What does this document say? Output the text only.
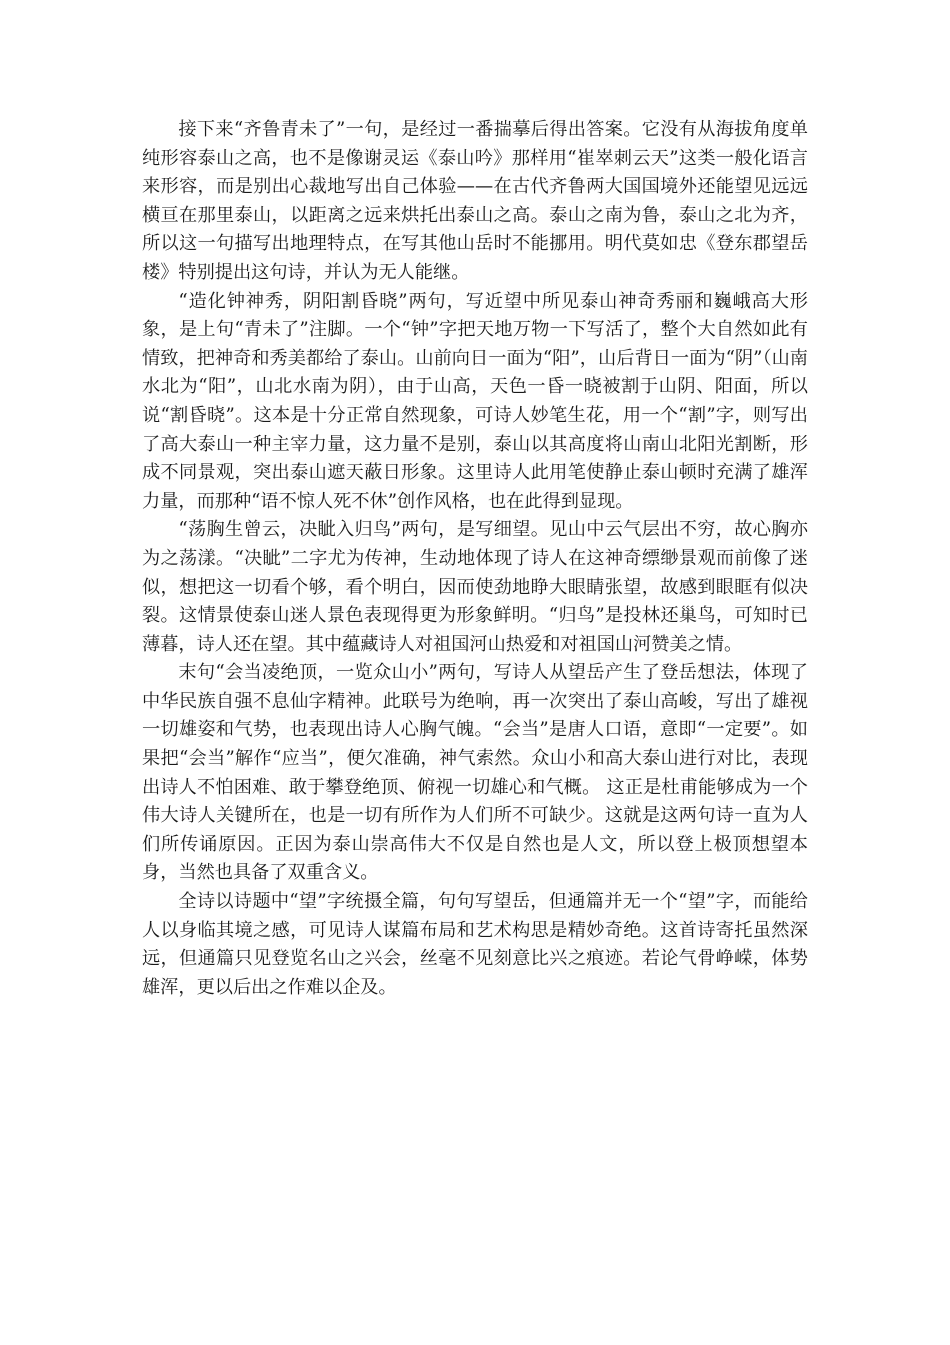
接下来“齐鲁青未了”一句，是经过一番揣摹后得出答案。它没有从海拔角度单纯形容泰山之高，也不是像谢灵运《泰山吟》那样用“崔崒刺云天”这类一般化语言来形容，而是别出心裁地写出自己体验——在古代齐鲁两大国国境外还能望见远远横亘在那里泰山，以距离之远来烘托出泰山之高。泰山之南为鲁，泰山之北为齐，所以这一句描写出地理特点，在写其他山岳时不能挪用。明代莫如忠《登东郡望岳楼》特别提出这句诗，并认为无人能继。

“造化钟神秀，阴阳割昏晓”两句，写近望中所见泰山神奇秀丽和巍峨高大形象，是上句“青未了”注脚。一个“钟”字把天地万物一下写活了，整个大自然如此有情致，把神奇和秀美都给了泰山。山前向日一面为“阳”，山后背日一面为“阴”（山南水北为“阳”，山北水南为阴），由于山高，天色一昏一晓被割于山阴、阳面，所以说“割昏晓”。这本是十分正常自然现象，可诗人妙笔生花，用一个“割”字，则写出了高大泰山一种主宰力量，这力量不是别，泰山以其高度将山南山北阳光割断，形成不同景观，突出泰山遮天蔽日形象。这里诗人此用笔使静止泰山顿时充满了雄浑力量，而那种“语不惊人死不休”创作风格，也在此得到显现。

“荡胸生曾云，决眦入归鸟”两句，是写细望。见山中云气层出不穷，故心胸亦为之荡漾。“决眦”二字尤为传神，生动地体现了诗人在这神奇缥缈景观而前像了迷似，想把这一切看个够，看个明白，因而使劲地睁大眼睛张望，故感到眼眶有似决裂。这情景使泰山迷人景色表现得更为形象鲜明。“归鸟”是投林还巢鸟，可知时已薄暮，诗人还在望。其中蕴藏诗人对祖国河山热爱和对祖国山河赞美之情。

末句“会当凌绝顶，一览众山小”两句，写诗人从望岳产生了登岳想法，体现了中华民族自强不息仙字精神。此联号为绝响，再一次突出了泰山高峻，写出了雄视一切雄姿和气势，也表现出诗人心胸气魄。“会当”是唐人口语，意即“一定要”。如果把“会当”解作“应当”，便欠准确，神气索然。众山小和高大泰山进行对比，表现出诗人不怕困难、敢于攀登绝顶、俯视一切雄心和气概。 这正是杜甫能够成为一个伟大诗人关键所在，也是一切有所作为人们所不可缺少。这就是这两句诗一直为人们所传诵原因。正因为泰山崇高伟大不仅是自然也是人文，所以登上极顶想望本身，当然也具备了双重含义。

全诗以诗题中“望”字统摄全篇，句句写望岳，但通篇并无一个“望”字，而能给人以身临其境之感，可见诗人谋篇布局和艺术构思是精妙奇绝。这首诗寄托虽然深远，但通篇只见登览名山之兴会，丝毫不见刻意比兴之痕迹。若论气骨峥嵘，体势雄浑，更以后出之作难以企及。
